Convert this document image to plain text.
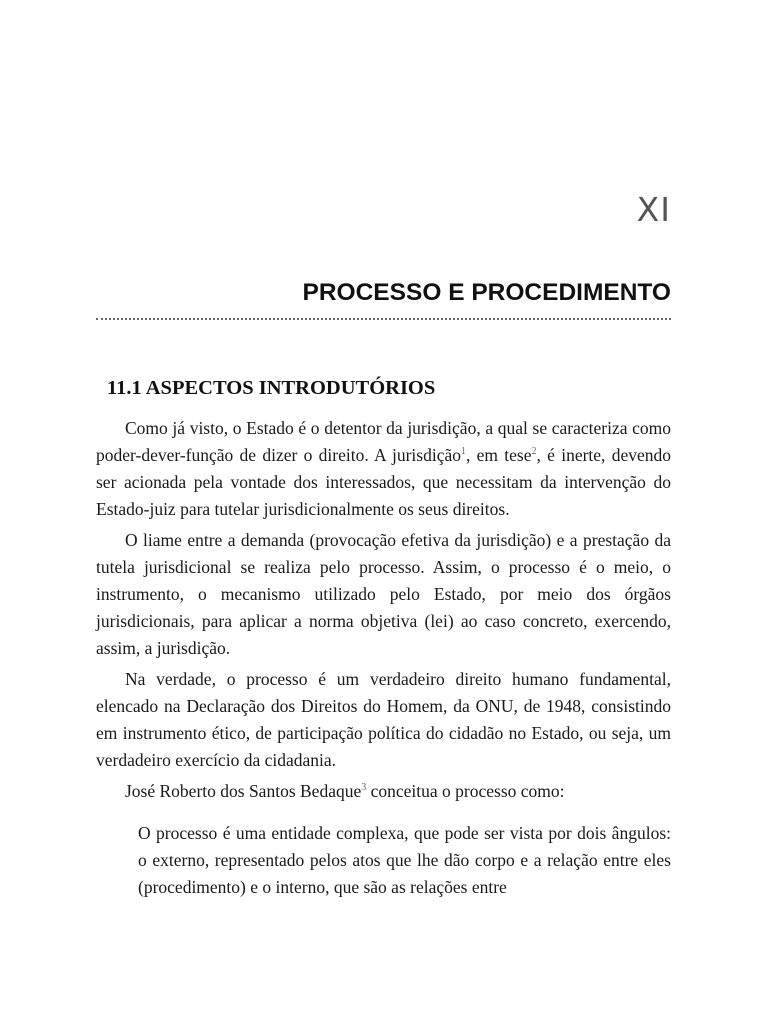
XI
PROCESSO E PROCEDIMENTO
11.1 ASPECTOS INTRODUTÓRIOS

Como já visto, o Estado é o detentor da jurisdição, a qual se caracteriza como poder-dever-função de dizer o direito. A jurisdição$^1$, em tese$^2$, é inerte, devendo ser acionada pela vontade dos interessados, que necessitam da intervenção do Estado-juiz para tutelar jurisdicionalmente os seus direitos.

O liame entre a demanda (provocação efetiva da jurisdição) e a prestação da tutela jurisdicional se realiza pelo processo. Assim, o processo é o meio, o instrumento, o mecanismo utilizado pelo Estado, por meio dos órgãos jurisdicionais, para aplicar a norma objetiva (lei) ao caso concreto, exercendo, assim, a jurisdição.

Na verdade, o processo é um verdadeiro direito humano fundamental, elencado na Declaração dos Direitos do Homem, da ONU, de 1948, consistindo em instrumento ético, de participação política do cidadão no Estado, ou seja, um verdadeiro exercício da cidadania.

José Roberto dos Santos Bedaque$^3$ conceitua o processo como:

O processo é uma entidade complexa, que pode ser vista por dois ângulos: o externo, representado pelos atos que lhe dão corpo e a relação entre eles (procedimento) e o interno, que são as relações entre
